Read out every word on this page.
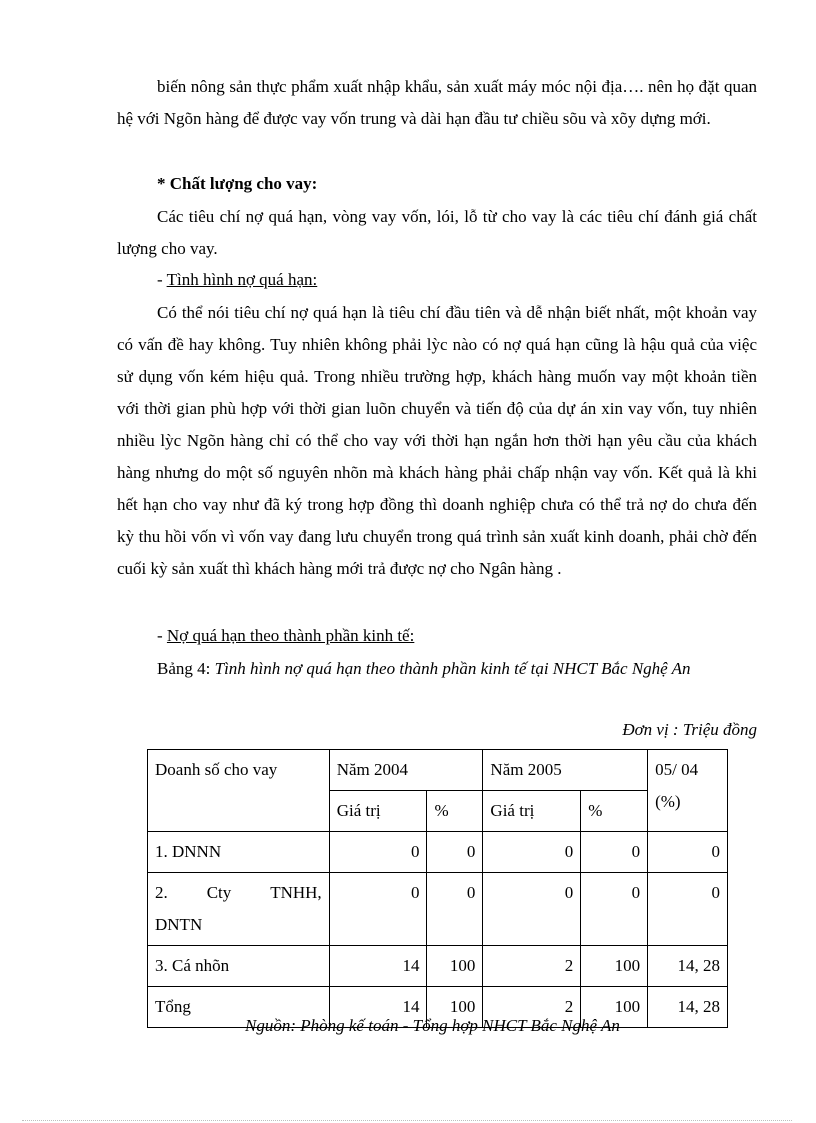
biến nông sản thực phẩm xuất nhập khẩu, sản xuất máy móc nội địa…. nên họ đặt quan hệ với Ngõn hàng để được vay vốn trung và dài hạn đầu tư chiều sõu và xõy dựng mới.

* Chất lượng cho vay:

Các tiêu chí nợ quá hạn, vòng vay vốn, lói, lỗ từ cho vay là các tiêu chí đánh giá chất lượng cho vay.

- Tình hình nợ quá hạn:

Có thể nói tiêu chí nợ quá hạn là tiêu chí đầu tiên và dễ nhận biết nhất, một khoản vay có vấn đề hay không. Tuy nhiên không phải lỳc nào có nợ quá hạn cũng là hậu quả của việc sử dụng vốn kém hiệu quả. Trong nhiều trường hợp, khách hàng muốn vay một khoản tiền với thời gian phù hợp với thời gian luõn chuyển và tiến độ của dự án xin vay vốn, tuy nhiên nhiều lỳc Ngõn hàng chỉ có thể cho vay với thời hạn ngắn hơn thời hạn yêu cầu của khách hàng nhưng do một số nguyên nhõn mà khách hàng phải chấp nhận vay vốn. Kết quả là khi hết hạn cho vay như đã ký trong hợp đồng thì doanh nghiệp chưa có thể trả nợ do chưa đến kỳ thu hồi vốn vì vốn vay đang lưu chuyển trong quá trình sản xuất kinh doanh, phải chờ đến cuối kỳ sản xuất thì khách hàng mới trả được nợ cho Ngân hàng .

- Nợ quá hạn theo thành phần kinh tế:

Bảng 4: Tình hình nợ quá hạn theo thành phần kinh tế tại NHCT Bắc Nghệ An

Đơn vị : Triệu đồng

Doanh số cho vay	Năm 2004		Năm 2005		05/ 04 (%)
	Giá trị	%	Giá trị	%	
1. DNNN	0	0	0	0	0

2. Cty TNHH,
DNTN	0	0	0	0	0
3. Cá nhõn	14	100	2	100	14, 28
Tổng	14	100	2	100	14, 28

Nguồn: Phòng kế toán - Tổng hợp NHCT Bắc Nghệ An
